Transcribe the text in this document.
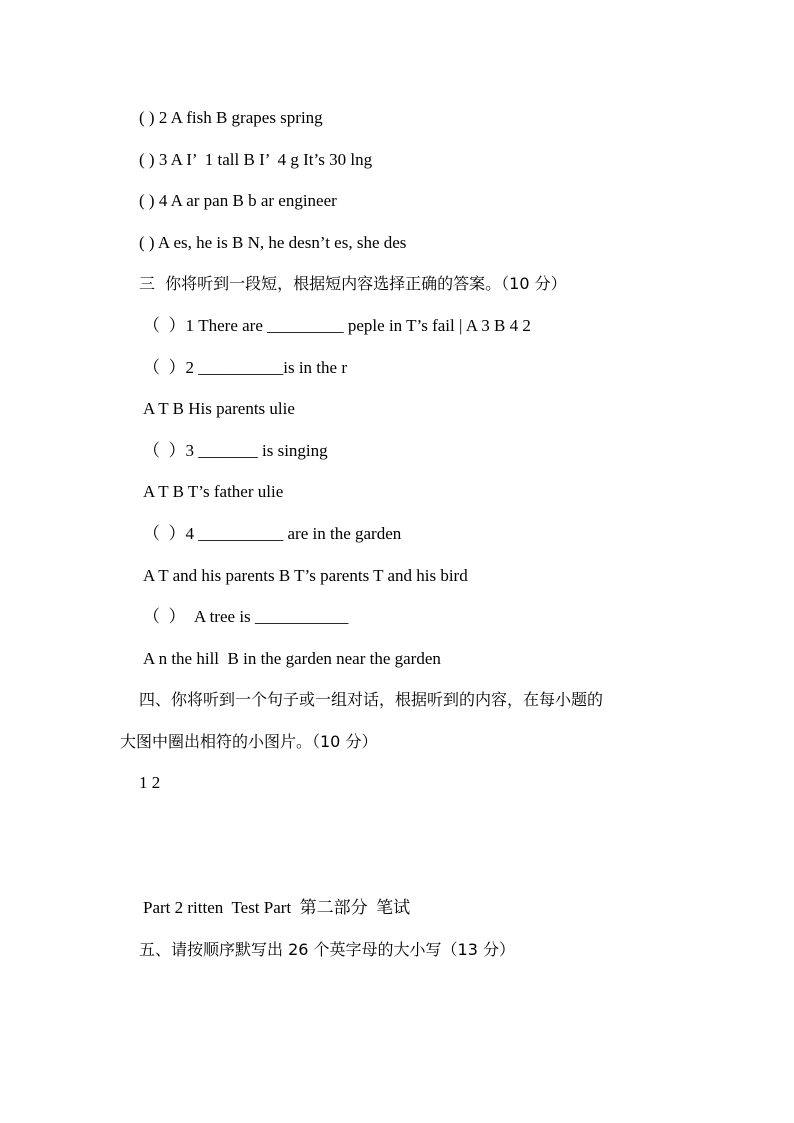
( ) 2 A fish B grapes spring
( ) 3 A I’  1 tall B I’  4 g It’s 30 lng
( ) 4 A ar pan B b ar engineer
( ) A es, he is B N, he desn’t es, she des
三  你将听到一段短，根据短内容选择正确的答案。（10 分）
（  ）1 There are _________ peple in T’s fail | A 3 B 4 2
（  ）2 __________is in the r
A T B His parents ulie
（  ）3 _______ is singing
A T B T’s father ulie
（  ）4 __________ are in the garden
A T and his parents B T’s parents T and his bird
（  ）  A tree is ___________
A n the hill  B in the garden near the garden
四、你将听到一个句子或一组对话，根据听到的内容，在每小题的
大图中圈出相符的小图片。（10 分）
1 2
Part 2 ritten  Test Part  第二部分  笔试
五、请按顺序默写出 26 个英字母的大小写（13 分）
